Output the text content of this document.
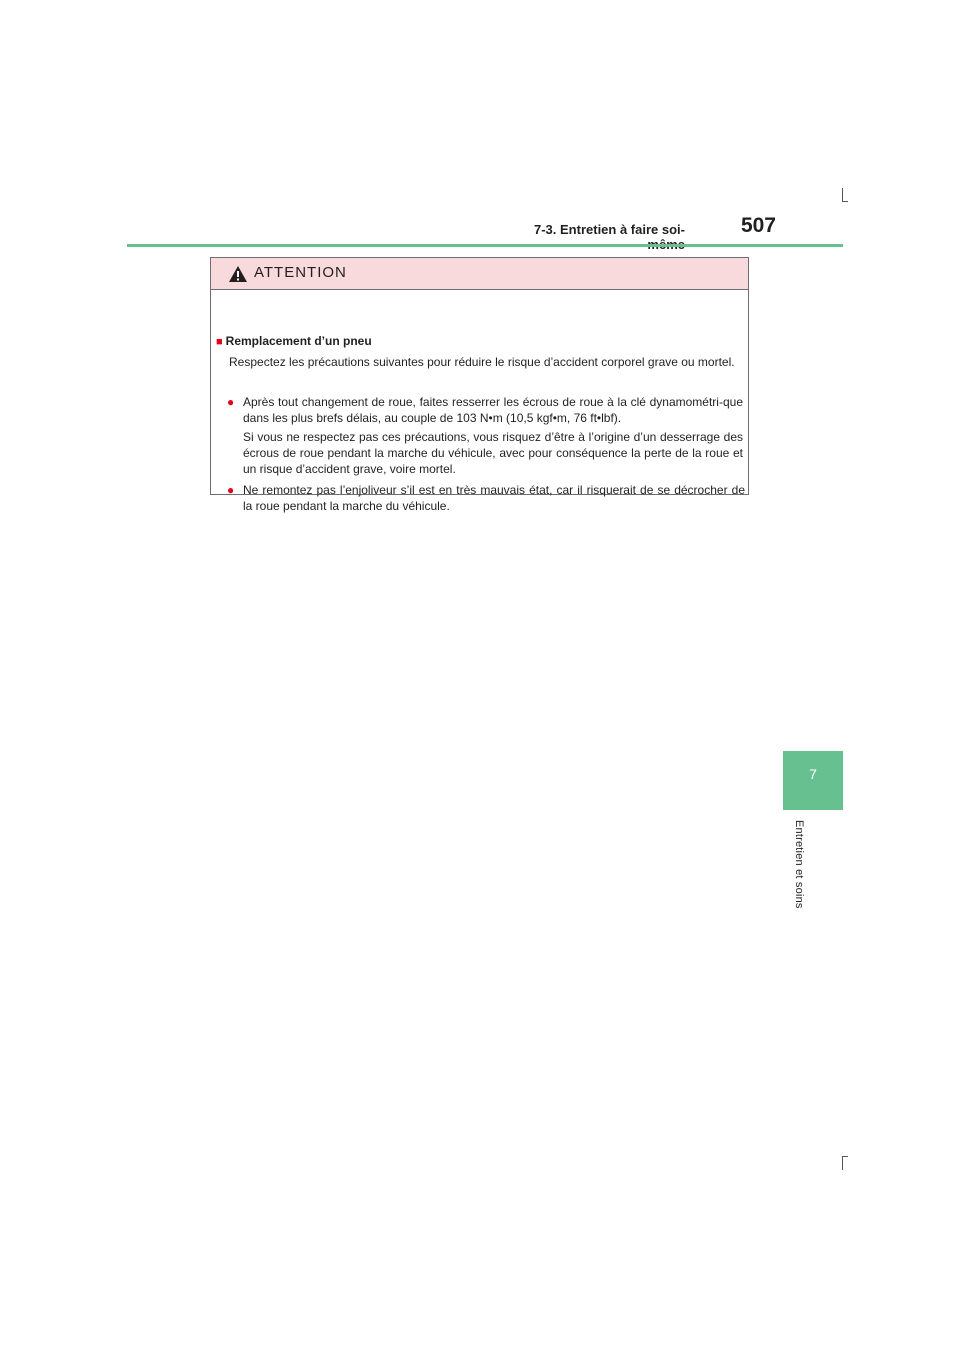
7-3. Entretien à faire soi-	507
7
Entretien et soins
ATTENTION
■ Remplacement d’un pneu
Respectez les précautions suivantes pour réduire le risque d’accident corporel grave ou mortel.
● Après tout changement de roue, faites resserrer les écrous de roue à la clé dynamométri-que dans les plus brefs délais, au couple de 103 N•m (10,5 kgf•m, 76 ft•lbf).
Si vous ne respectez pas ces précautions, vous risquez d’être à l’origine d’un desserrage des écrous de roue pendant la marche du véhicule, avec pour conséquence la perte de la roue et un risque d’accident grave, voire mortel.
● Ne remontez pas l’enjoliveur s’il est en très mauvais état, car il risquerait de se décrocher de la roue pendant la marche du véhicule.
